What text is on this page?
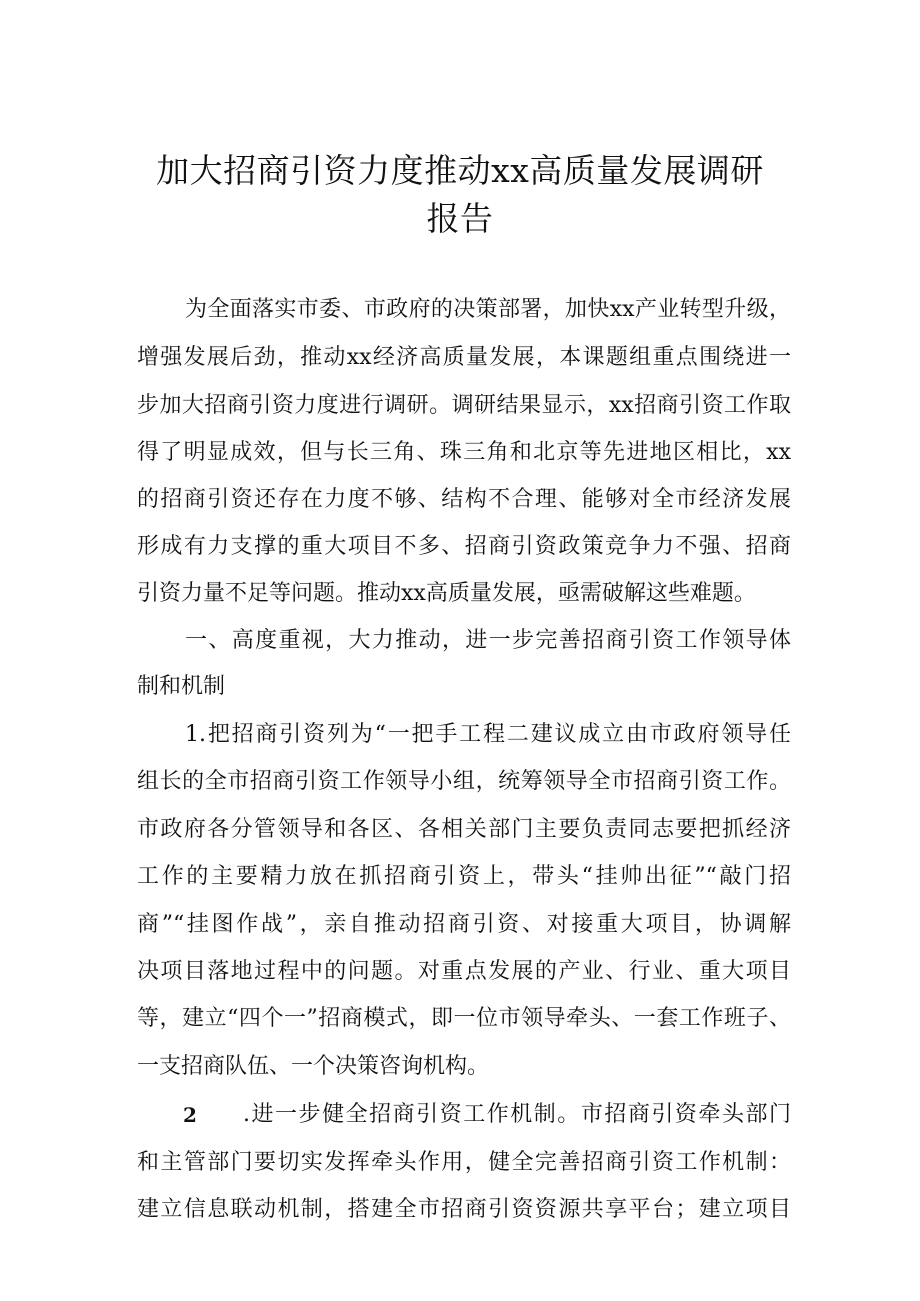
加大招商引资力度推动xx高质量发展调研
报告

为全面落实市委、市政府的决策部署，加快xx产业转型升级，

增强发展后劲，推动xx经济高质量发展，本课题组重点围绕进一

步加大招商引资力度进行调研。调研结果显示，xx招商引资工作取

得了明显成效，但与长三角、珠三角和北京等先进地区相比，xx

的招商引资还存在力度不够、结构不合理、能够对全市经济发展

形成有力支撑的重大项目不多、招商引资政策竞争力不强、招商

引资力量不足等问题。推动xx高质量发展，亟需破解这些难题。

一、高度重视，大力推动，进一步完善招商引资工作领导体

制和机制

1.把招商引资列为“一把手工程二建议成立由市政府领导任

组长的全市招商引资工作领导小组，统筹领导全市招商引资工作。

市政府各分管领导和各区、各相关部门主要负责同志要把抓经济

工作的主要精力放在抓招商引资上，带头“挂帅出征”“敲门招

商”“挂图作战”，亲自推动招商引资、对接重大项目，协调解

决项目落地过程中的问题。对重点发展的产业、行业、重大项目

等，建立“四个一”招商模式，即一位市领导牵头、一套工作班子、

一支招商队伍、一个决策咨询机构。

2 .进一步健全招商引资工作机制。市招商引资牵头部门

和主管部门要切实发挥牵头作用，健全完善招商引资工作机制：

建立信息联动机制，搭建全市招商引资资源共享平台；建立项目
